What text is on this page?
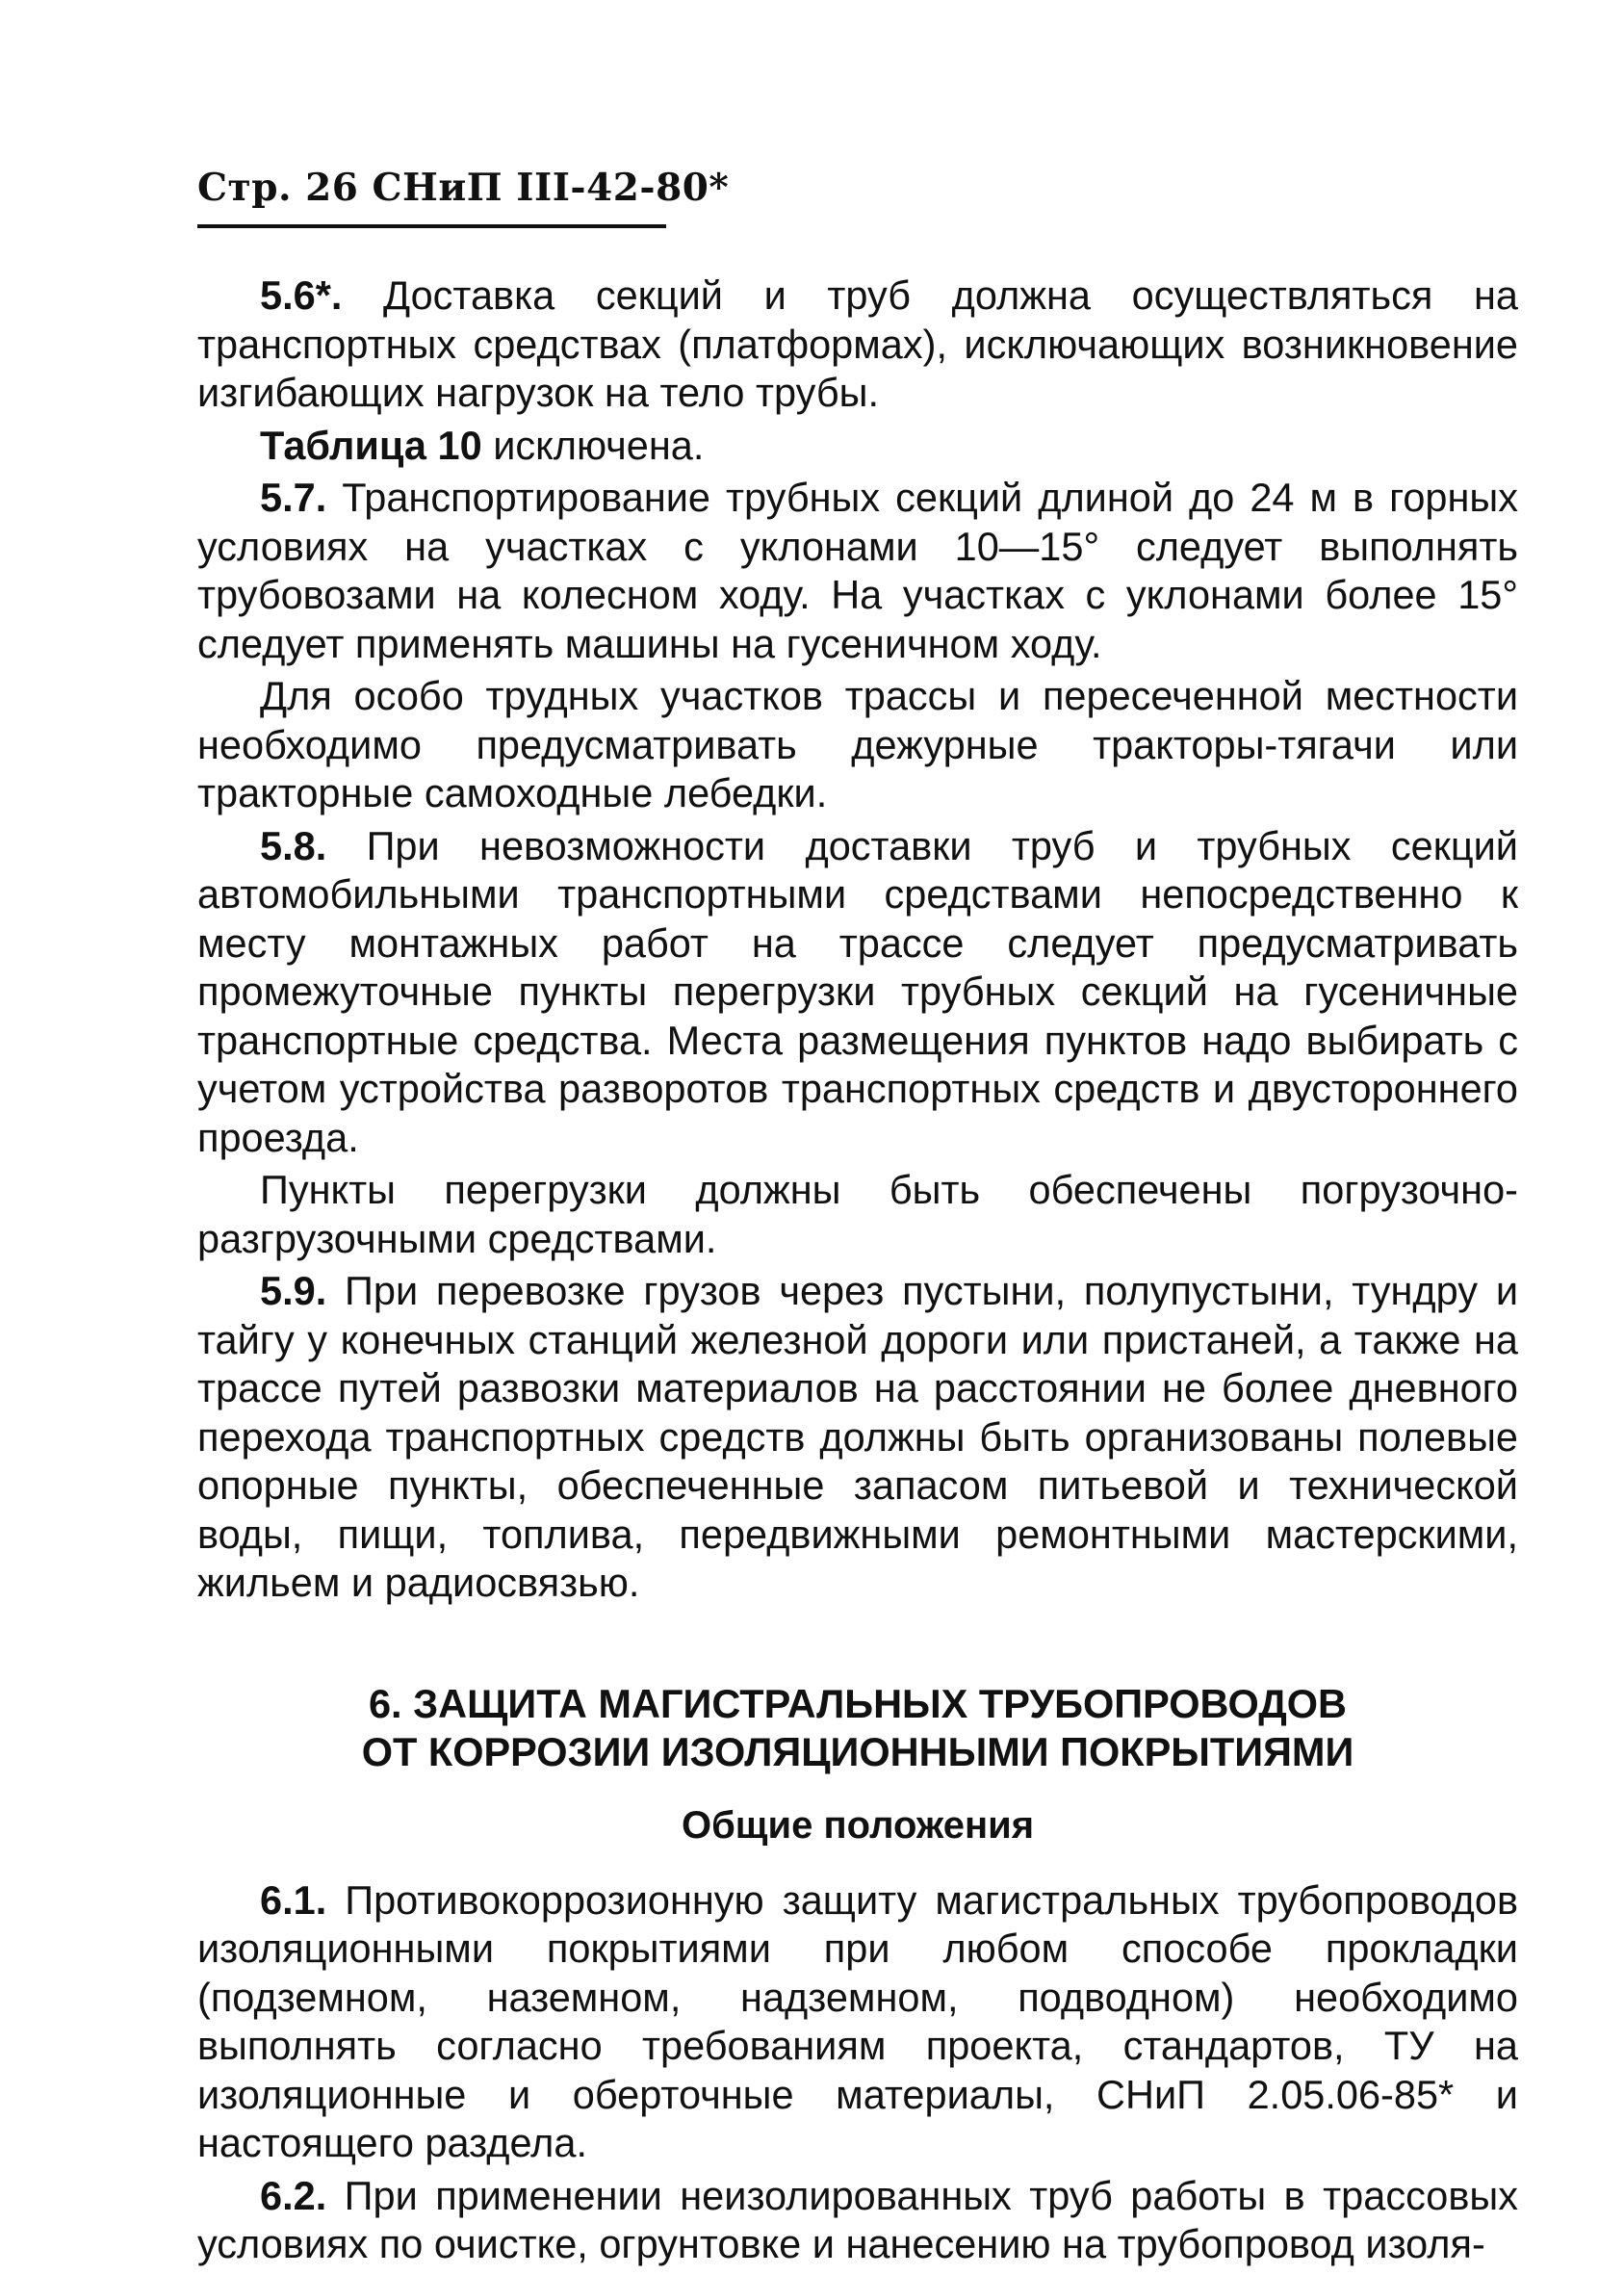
Стр. 26 СНиП III-42-80*

5.6*. Доставка секций и труб должна осуществляться на транспортных средствах (платформах), исключающих возникновение изгибающих нагрузок на тело трубы.

Таблица 10 исключена.

5.7. Транспортирование трубных секций длиной до 24 м в горных условиях на участках с уклонами 10—15° следует выполнять трубовозами на колесном ходу. На участках с уклонами более 15° следует применять машины на гусеничном ходу.

Для особо трудных участков трассы и пересеченной местности необходимо предусматривать дежурные тракторы-тягачи или тракторные самоходные лебедки.

5.8. При невозможности доставки труб и трубных секций автомобильными транспортными средствами непосредственно к месту монтажных работ на трассе следует предусматривать промежуточные пункты перегрузки трубных секций на гусеничные транспортные средства. Места размещения пунктов надо выбирать с учетом устройства разворотов транспортных средств и двустороннего проезда.

Пункты перегрузки должны быть обеспечены погрузочно-разгрузочными средствами.

5.9. При перевозке грузов через пустыни, полупустыни, тундру и тайгу у конечных станций железной дороги или пристаней, а также на трассе путей развозки материалов на расстоянии не более дневного перехода транспортных средств должны быть организованы полевые опорные пункты, обеспеченные запасом питьевой и технической воды, пищи, топлива, передвижными ремонтными мастерскими, жильем и радиосвязью.

6. ЗАЩИТА МАГИСТРАЛЬНЫХ ТРУБОПРОВОДОВ
ОТ КОРРОЗИИ ИЗОЛЯЦИОННЫМИ ПОКРЫТИЯМИ
Общие положения

6.1. Противокоррозионную защиту магистральных трубопроводов изоляционными покрытиями при любом способе прокладки (подземном, наземном, надземном, подводном) необходимо выполнять согласно требованиям проекта, стандартов, ТУ на изоляционные и оберточные материалы, СНиП 2.05.06-85* и настоящего раздела.

6.2. При применении неизолированных труб работы в трассовых условиях по очистке, огрунтовке и нанесению на трубопровод изоля-
